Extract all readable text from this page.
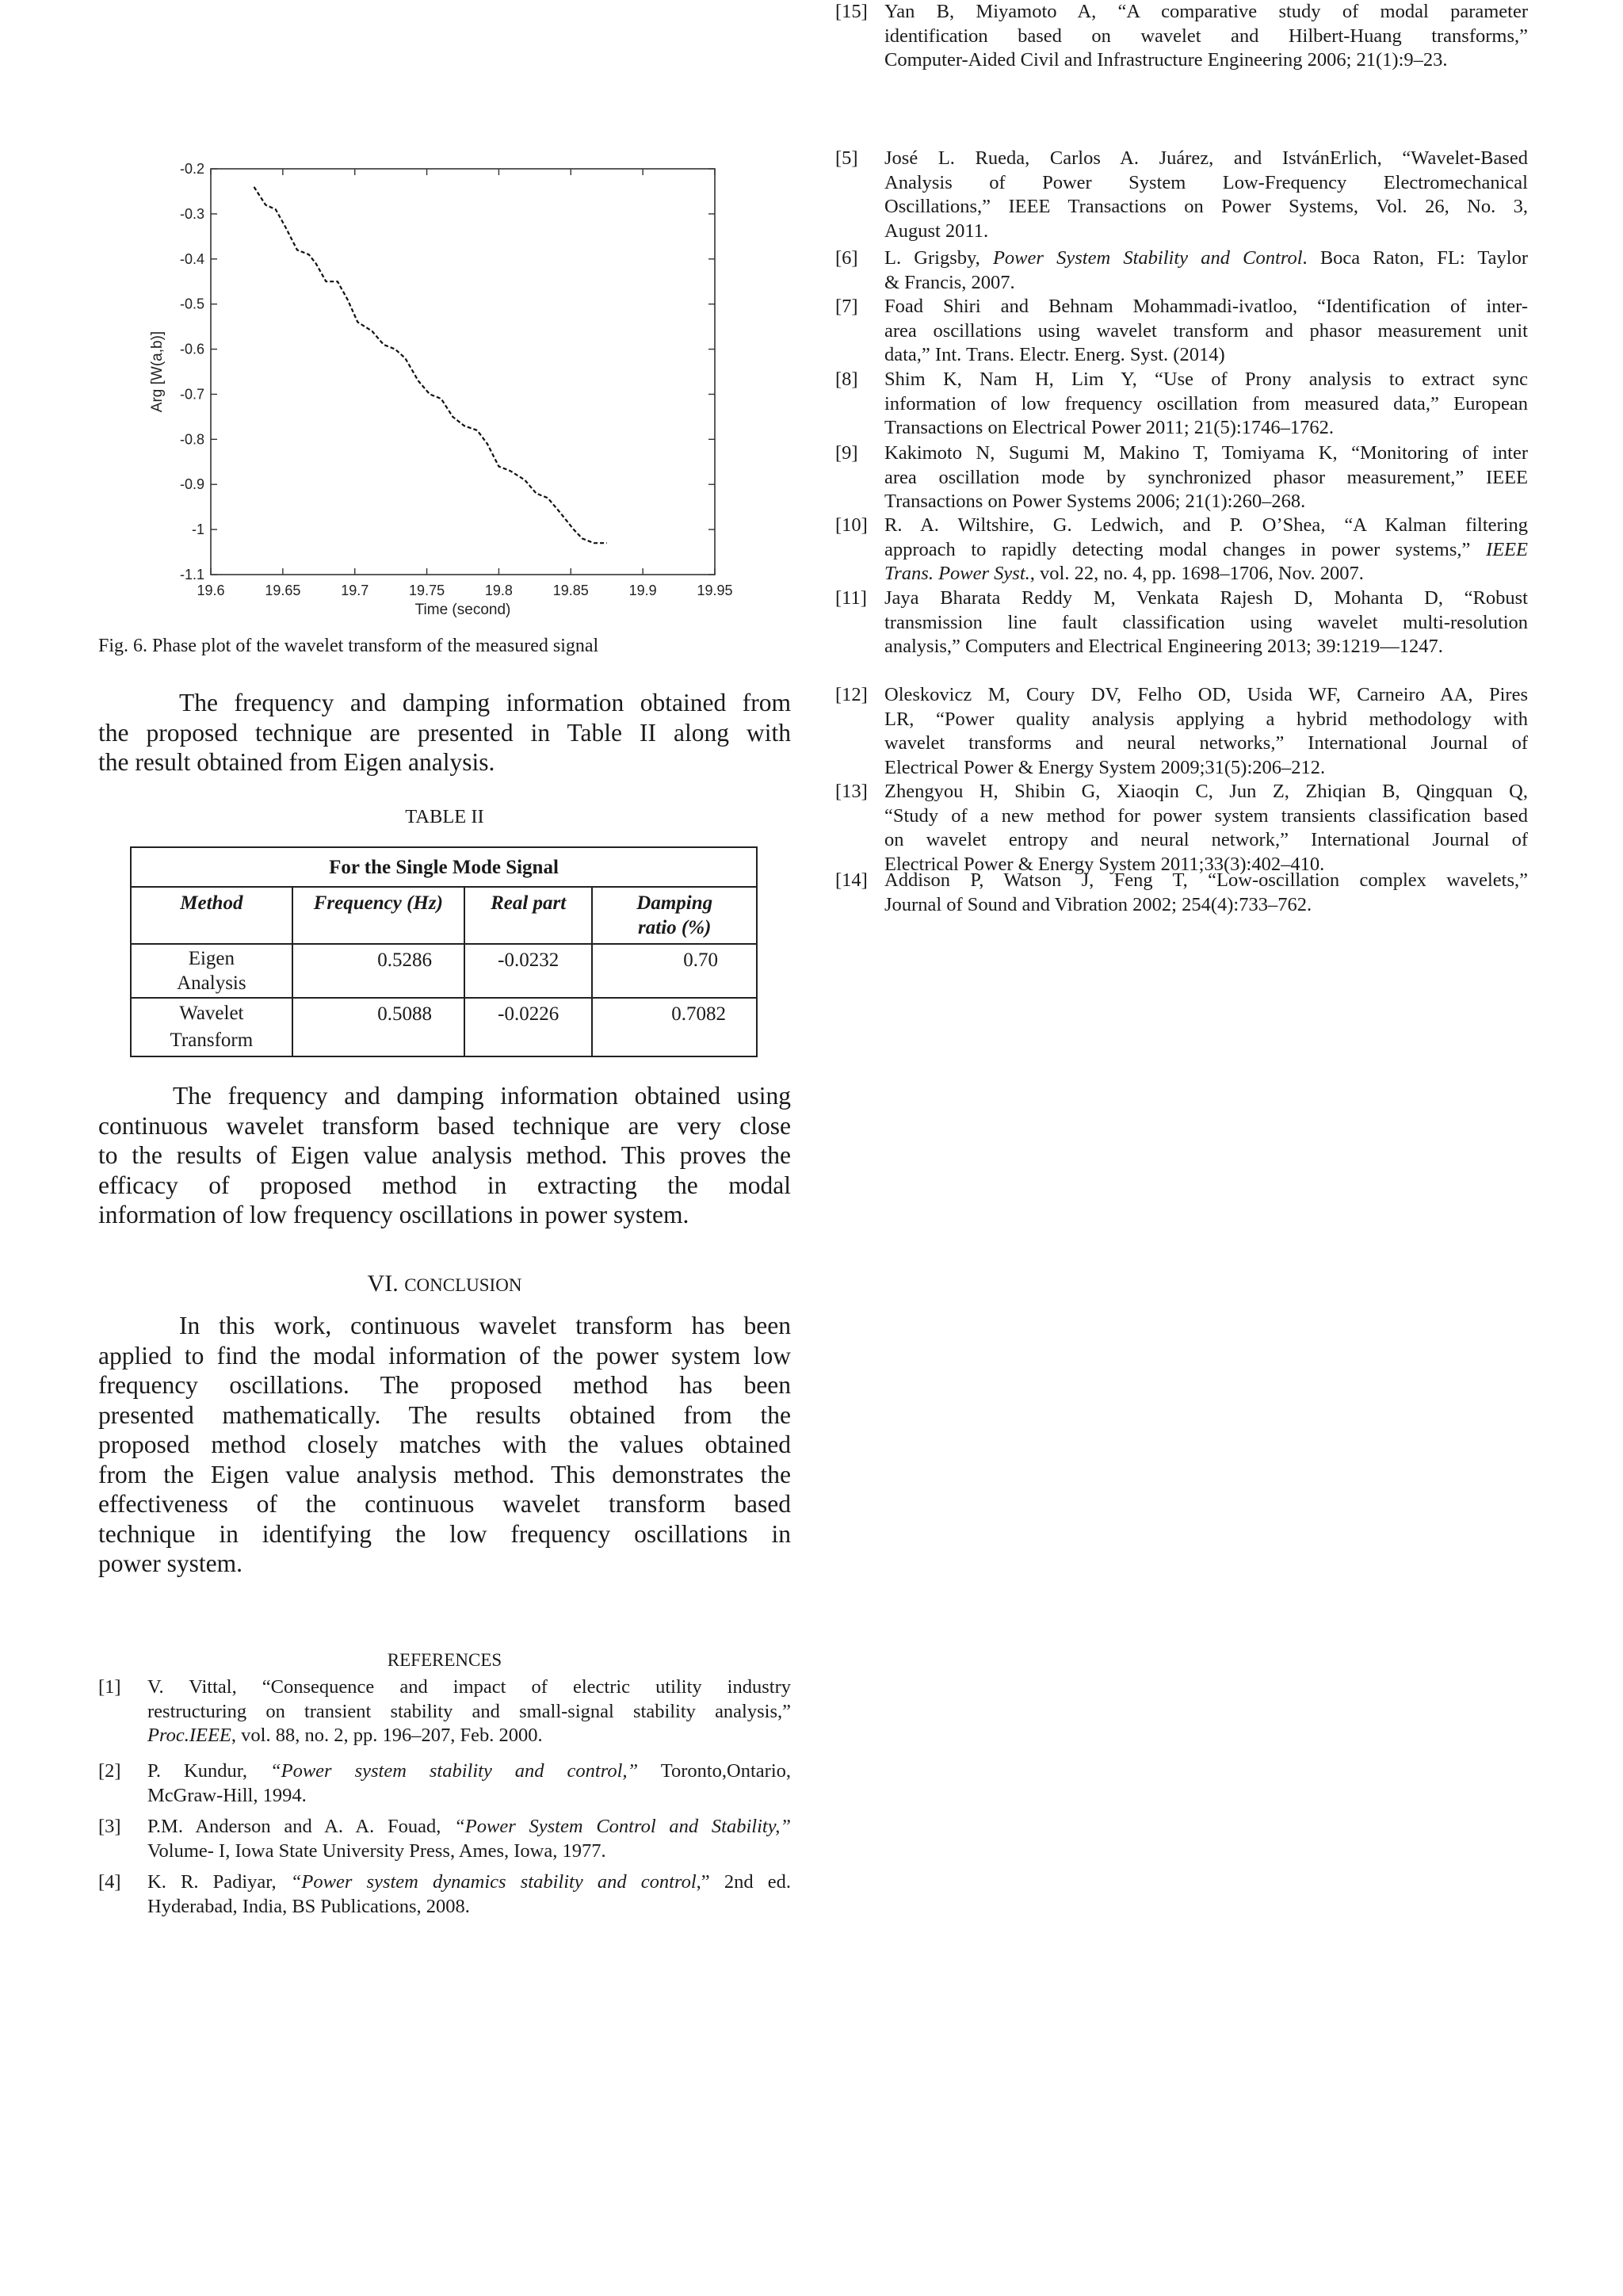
19.6	19.65	19.7	19.75	19.8	19.85	19.9	19.95
-0.2
-0.3
-0.4
-0.5
-0.6
-0.7
-0.8
-0.9
-1
-1.1
Time (second)
Arg [W(a,b)]
Fig. 6. Phase plot of the wavelet transform of the measured signal
The frequency and damping information obtained from
the proposed technique are presented in Table II along with
the result obtained from Eigen analysis.
TABLE II
For the Single Mode Signal			
Method	Frequency (Hz)	Real part	Damping ratio (%)
Eigen Analysis	0.5286	-0.0232	0.70
Wavelet Transform	0.5088	-0.0226	0.7082
The frequency and damping information obtained using
continuous wavelet transform based technique are very close
to the results of Eigen value analysis method. This proves the
efficacy of proposed method in extracting the modal
information of low frequency oscillations in power system.
VI. CONCLUSION
In this work, continuous wavelet transform has been
applied to find the modal information of the power system low
frequency oscillations. The proposed method has been
presented mathematically. The results obtained from the
proposed method closely matches with the values obtained
from the Eigen value analysis method. This demonstrates the
effectiveness of the continuous wavelet transform based
technique in identifying the low frequency oscillations in
power system.
REFERENCES
[1] V. Vittal, “Consequence and impact of electric utility industry
restructuring on transient stability and small-signal stability analysis,”
Proc.IEEE, vol. 88, no. 2, pp. 196–207, Feb. 2000.
[2] P. Kundur, “Power system stability and control,” Toronto,Ontario,
McGraw-Hill, 1994.
[3] P.M. Anderson and A. A. Fouad, “Power System Control and Stability,”
Volume- I, Iowa State University Press, Ames, Iowa, 1977.
[4] K. R. Padiyar, “Power system dynamics stability and control,” 2nd ed.
Hyderabad, India, BS Publications, 2008.
[5] José L. Rueda, Carlos A. Juárez, and IstvánErlich, “Wavelet-Based
Analysis of Power System Low-Frequency Electromechanical
Oscillations,” IEEE Transactions on Power Systems, Vol. 26, No. 3,
August 2011.
[6] L. Grigsby, Power System Stability and Control. Boca Raton, FL: Taylor
& Francis, 2007.
[7] Foad Shiri and Behnam Mohammadi-ivatloo, “Identification of inter-
area oscillations using wavelet transform and phasor measurement unit
data,” Int. Trans. Electr. Energ. Syst. (2014)
[8] Shim K, Nam H, Lim Y, “Use of Prony analysis to extract sync
information of low frequency oscillation from measured data,” European
Transactions on Electrical Power 2011; 21(5):1746–1762.
[9] Kakimoto N, Sugumi M, Makino T, Tomiyama K, “Monitoring of inter
area oscillation mode by synchronized phasor measurement,” IEEE
Transactions on Power Systems 2006; 21(1):260–268.
[10] R. A. Wiltshire, G. Ledwich, and P. O’Shea, “A Kalman filtering
approach to rapidly detecting modal changes in power systems,” IEEE
Trans. Power Syst., vol. 22, no. 4, pp. 1698–1706, Nov. 2007.
[11] Jaya Bharata Reddy M, Venkata Rajesh D, Mohanta D, “Robust
transmission line fault classification using wavelet multi-resolution
analysis,” Computers and Electrical Engineering 2013; 39:1219—1247.
[12] Oleskovicz M, Coury DV, Felho OD, Usida WF, Carneiro AA, Pires
LR, “Power quality analysis applying a hybrid methodology with
wavelet transforms and neural networks,” International Journal of
Electrical Power & Energy System 2009;31(5):206–212.
[13] Zhengyou H, Shibin G, Xiaoqin C, Jun Z, Zhiqian B, Qingquan Q,
“Study of a new method for power system transients classification based
on wavelet entropy and neural network,” International Journal of
Electrical Power & Energy System 2011;33(3):402–410.
[14] Addison P, Watson J, Feng T, “Low-oscillation complex wavelets,”
Journal of Sound and Vibration 2002; 254(4):733–762.
[15] Yan B, Miyamoto A, “A comparative study of modal parameter
identification based on wavelet and Hilbert-Huang transforms,”
Computer-Aided Civil and Infrastructure Engineering 2006; 21(1):9–23.
